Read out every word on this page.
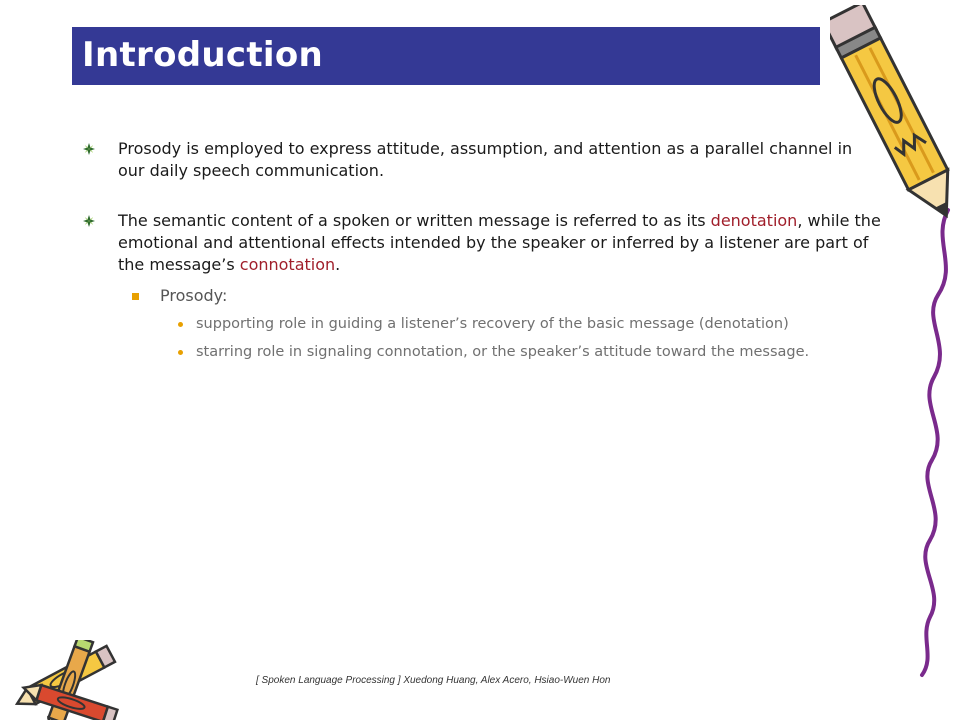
Introduction
Prosody is employed to express attitude, assumption, and attention as a parallel channel in our daily speech communication.
The semantic content of a spoken or written message is referred to as its denotation, while the emotional and attentional effects intended by the speaker or inferred by a listener are part of the message’s connotation.
Prosody:
supporting role in guiding a listener’s recovery of the basic message (denotation)
starring role in signaling connotation, or the speaker’s attitude toward the message.
[ Spoken Language Processing ] Xuedong Huang, Alex Acero, Hsiao-Wuen Hon
